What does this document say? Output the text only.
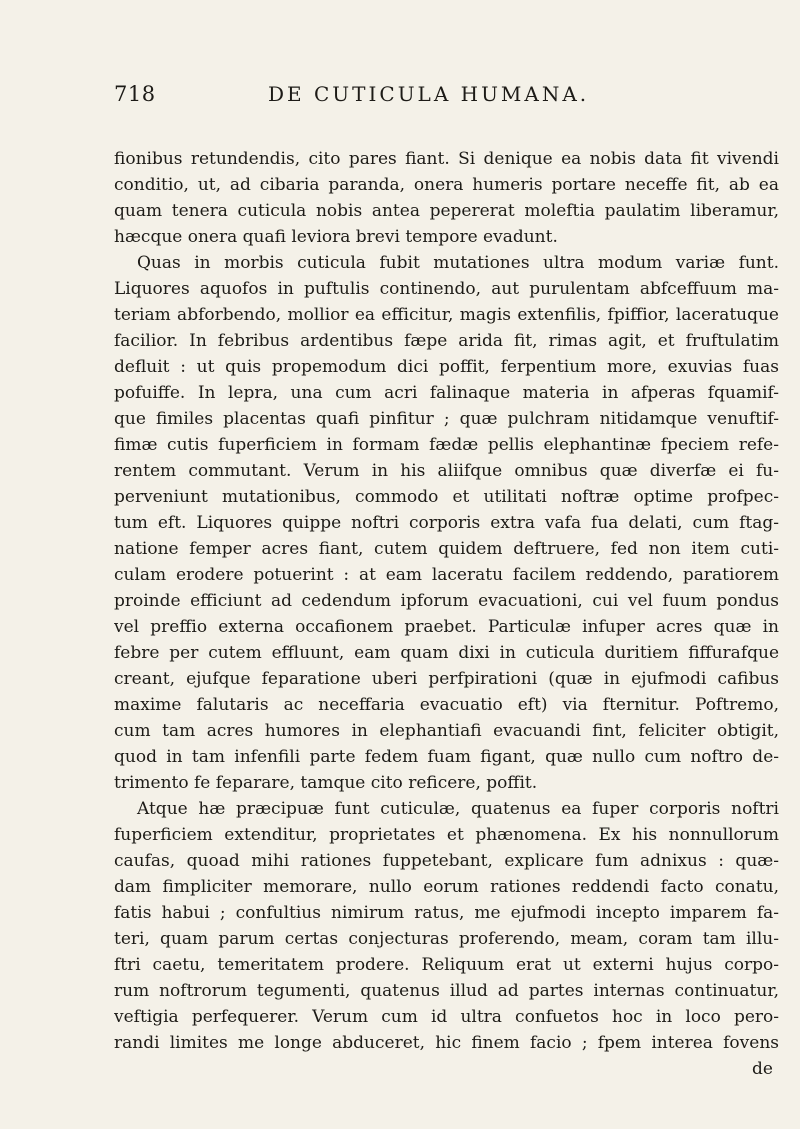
718	DE CUTICULA HUMANA.
fionibus retundendis, cito pares fiant. Si denique ea nobis data fit vivendi
conditio, ut, ad cibaria paranda, onera humeris portare neceffe fit, ab ea
quam tenera cuticula nobis antea pepererat moleftia paulatim liberamur,
hæcque onera quafi leviora brevi tempore evadunt.
Quas in morbis cuticula fubit mutationes ultra modum variæ funt.
Liquores aquofos in puftulis continendo, aut purulentam abfceffuum ma-
teriam abforbendo, mollior ea efficitur, magis extenfilis, fpiffior, laceratuque
facilior. In febribus ardentibus fæpe arida fit, rimas agit, et fruftulatim
defluit : ut quis propemodum dici poffit, ferpentium more, exuvias fuas
pofuiffe. In lepra, una cum acri falinaque materia in afperas fquamif-
que fimiles placentas quafi pinfitur ; quæ pulchram nitidamque venuftif-
fimæ cutis fuperficiem in formam fædæ pellis elephantinæ fpeciem refe-
rentem commutant. Verum in his aliifque omnibus quæ diverfæ ei fu-
perveniunt mutationibus, commodo et utilitati noftræ optime profpec-
tum eft. Liquores quippe noftri corporis extra vafa fua delati, cum ftag-
natione femper acres fiant, cutem quidem deftruere, fed non item cuti-
culam erodere potuerint : at eam laceratu facilem reddendo, paratiorem
proinde efficiunt ad cedendum ipforum evacuationi, cui vel fuum pondus
vel preffio externa occafionem praebet. Particulæ infuper acres quæ in
febre per cutem effluunt, eam quam dixi in cuticula duritiem fiffurafque
creant, ejufque feparatione uberi perfpirationi (quæ in ejufmodi cafibus
maxime falutaris ac neceffaria evacuatio eft) via fternitur. Poftremo,
cum tam acres humores in elephantiafi evacuandi fint, feliciter obtigit,
quod in tam infenfili parte fedem fuam figant, quæ nullo cum noftro de-
trimento fe feparare, tamque cito reficere, poffit.
Atque hæ præcipuæ funt cuticulæ, quatenus ea fuper corporis noftri
fuperficiem extenditur, proprietates et phænomena. Ex his nonnullorum
caufas, quoad mihi rationes fuppetebant, explicare fum adnixus : quæ-
dam fimpliciter memorare, nullo eorum rationes reddendi facto conatu,
fatis habui ; confultius nimirum ratus, me ejufmodi incepto imparem fa-
teri, quam parum certas conjecturas proferendo, meam, coram tam illu-
ftri caetu, temeritatem prodere. Reliquum erat ut externi hujus corpo-
rum noftrorum tegumenti, quatenus illud ad partes internas continuatur,
veftigia perfequerer. Verum cum id ultra confuetos hoc in loco pero-
randi limites me longe abduceret, hic finem facio ; fpem interea fovens
de
